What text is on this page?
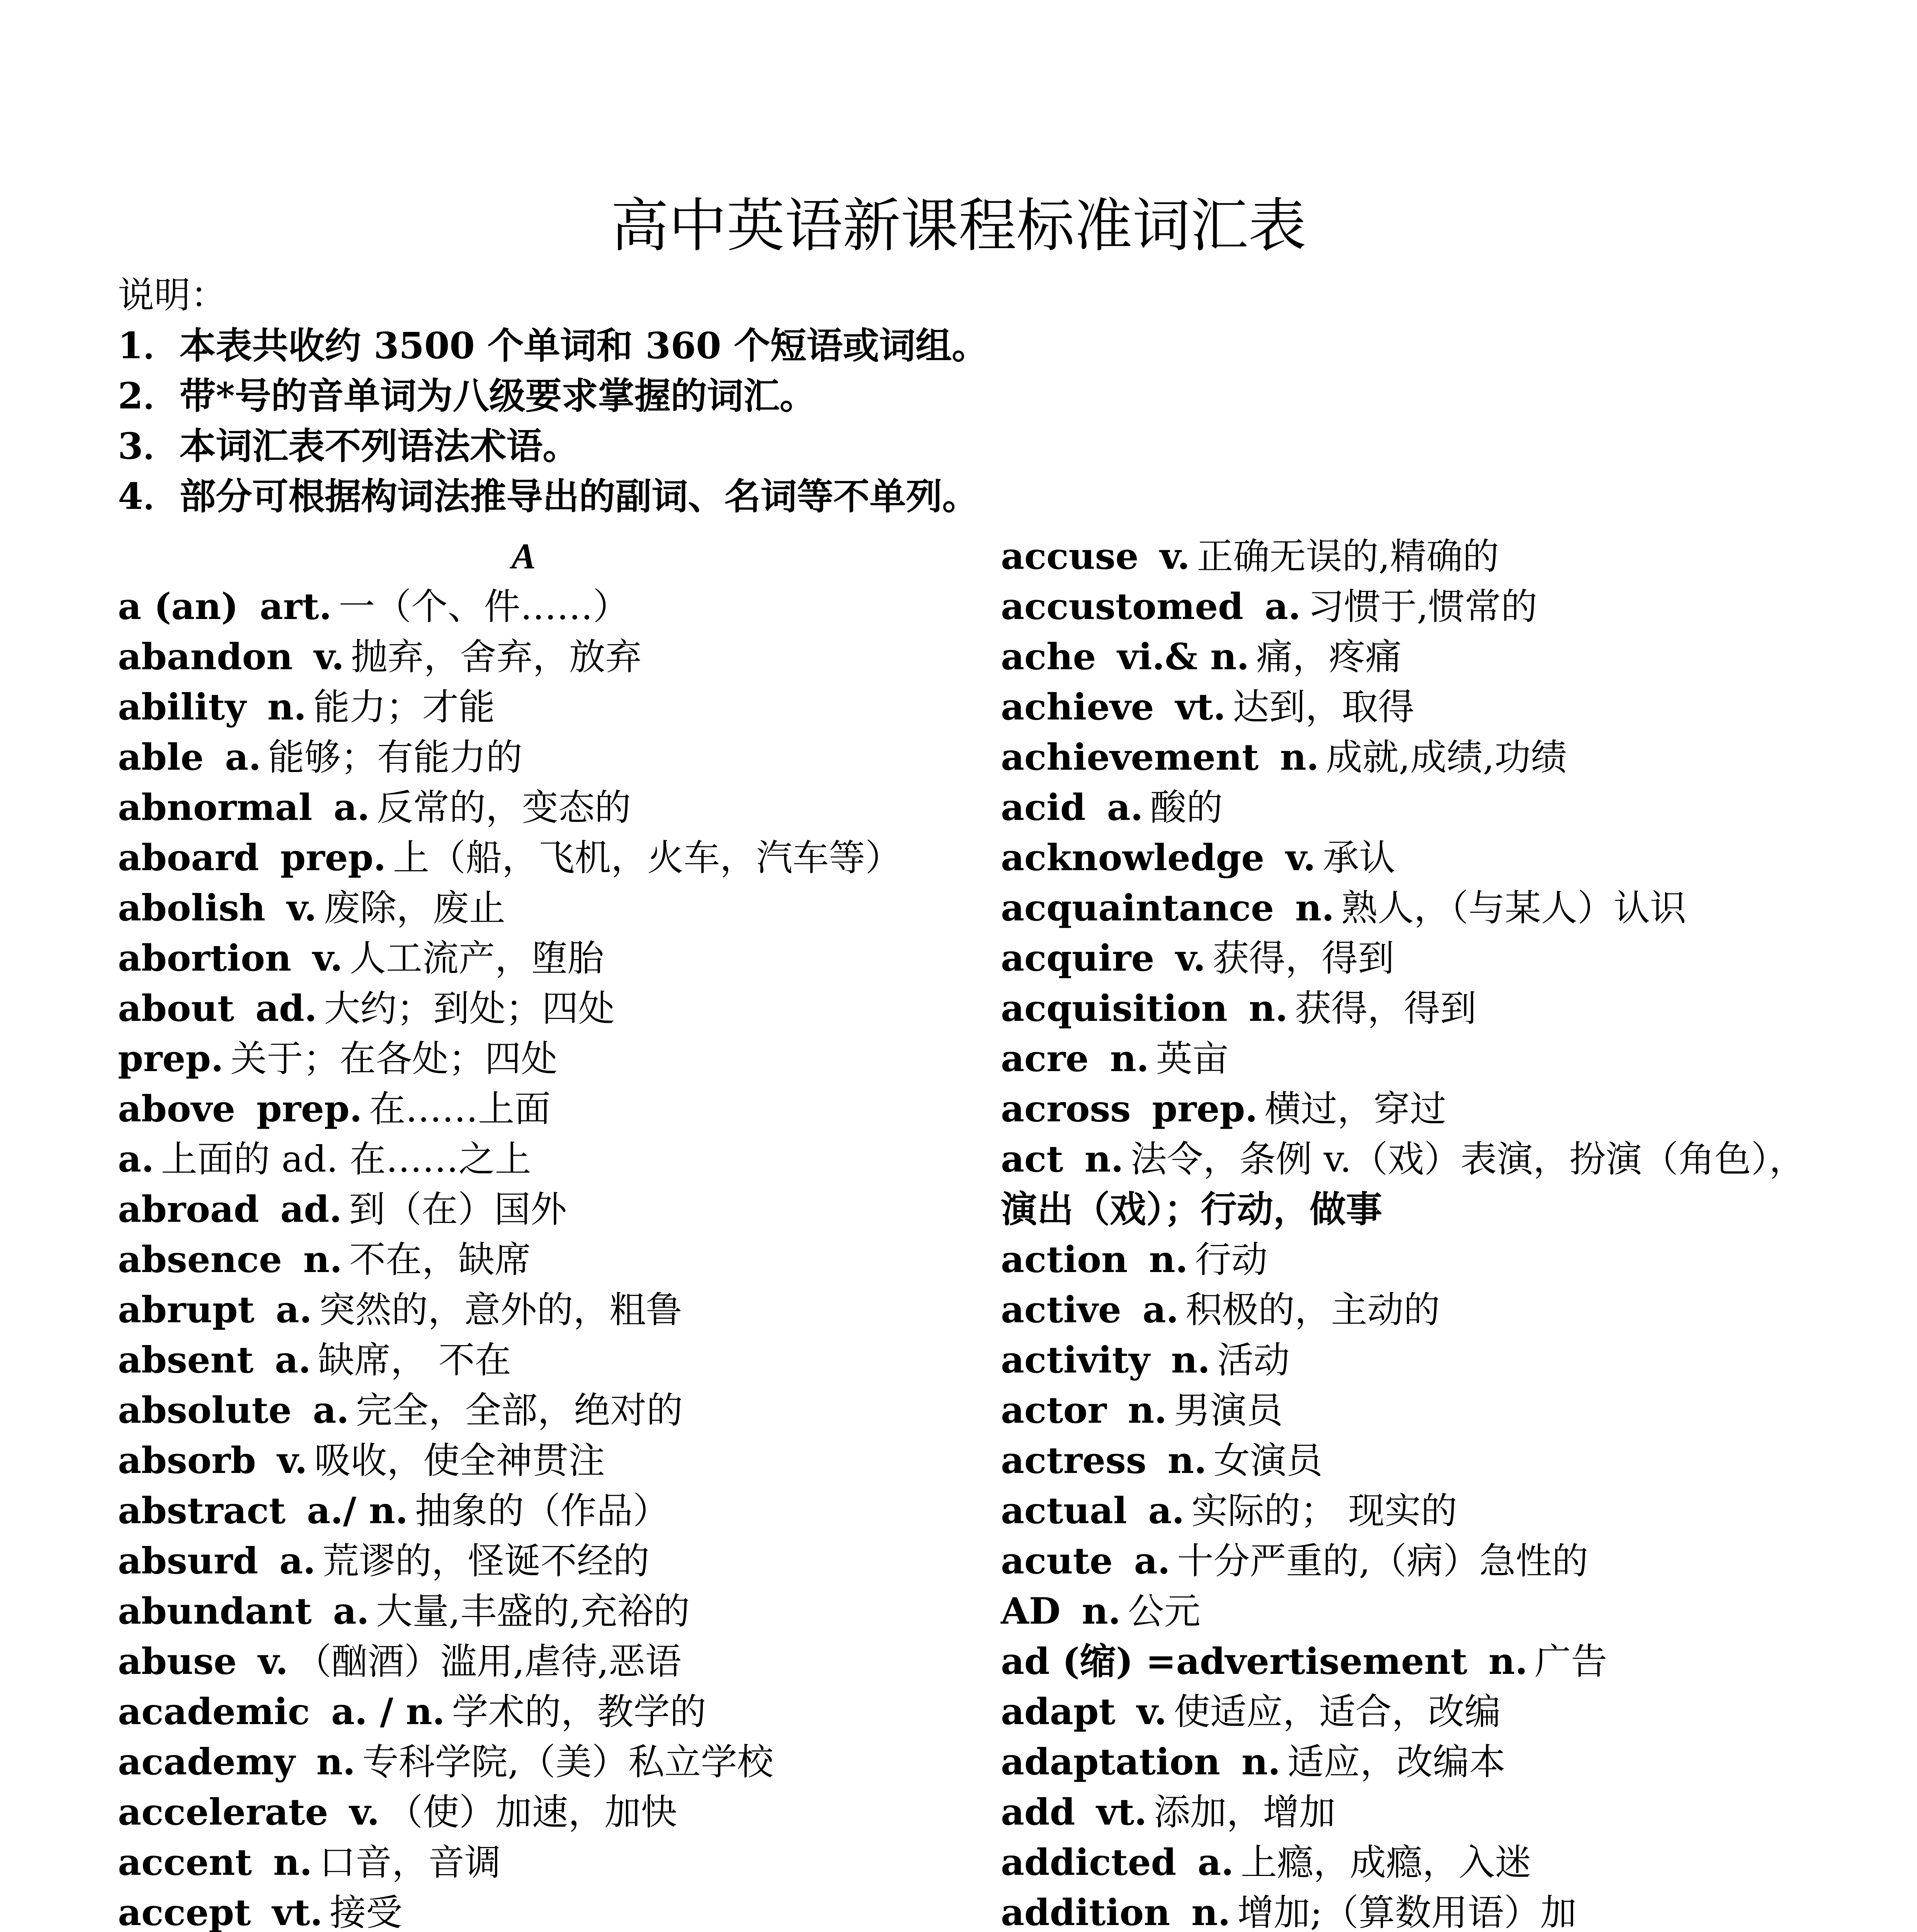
高中英语新课程标准词汇表
说明：
1．本表共收约 3500 个单词和 360 个短语或词组。
2．带*号的音单词为八级要求掌握的词汇。
3．本词汇表不列语法术语。
4．部分可根据构词法推导出的副词、名词等不单列。
A
a (an) art. 一（个、件……）
abandon v. 抛弃，舍弃，放弃
ability n. 能力；才能
able a. 能够；有能力的
abnormal a. 反常的，变态的
aboard prep. 上（船，飞机，火车，汽车等）
abolish v. 废除，废止
abortion v. 人工流产，堕胎
about ad. 大约；到处；四处
prep. 关于；在各处；四处
above prep. 在……上面
a. 上面的 ad. 在……之上
abroad ad. 到（在）国外
absence n. 不在，缺席
abrupt a. 突然的，意外的，粗鲁
absent a. 缺席， 不在
absolute a. 完全，全部，绝对的
absorb v. 吸收，使全神贯注
abstract a./ n. 抽象的（作品）
absurd a. 荒谬的，怪诞不经的
abundant a. 大量,丰盛的,充裕的
abuse v. （酗酒）滥用,虐待,恶语
academic a. / n. 学术的，教学的
academy n. 专科学院,（美）私立学校
accelerate v. （使）加速，加快
accent n. 口音，音调
accept vt. 接受
accuse v. 正确无误的,精确的
accustomed a. 习惯于,惯常的
ache vi.& n. 痛，疼痛
achieve vt. 达到，取得
achievement n. 成就,成绩,功绩
acid a. 酸的
acknowledge v. 承认
acquaintance n. 熟人，（与某人）认识
acquire v. 获得，得到
acquisition n. 获得，得到
acre n. 英亩
across prep. 横过，穿过
act n. 法令，条例 v.（戏）表演，扮演（角色），
演出（戏）；行动，做事
action n. 行动
active a. 积极的，主动的
activity n. 活动
actor n. 男演员
actress n. 女演员
actual a. 实际的； 现实的
acute a. 十分严重的,（病）急性的
AD n. 公元
ad (缩) =advertisement n. 广告
adapt v. 使适应，适合，改编
adaptation n. 适应，改编本
add vt. 添加，增加
addicted a. 上瘾，成瘾，入迷
addition n. 增加;（算数用语）加
